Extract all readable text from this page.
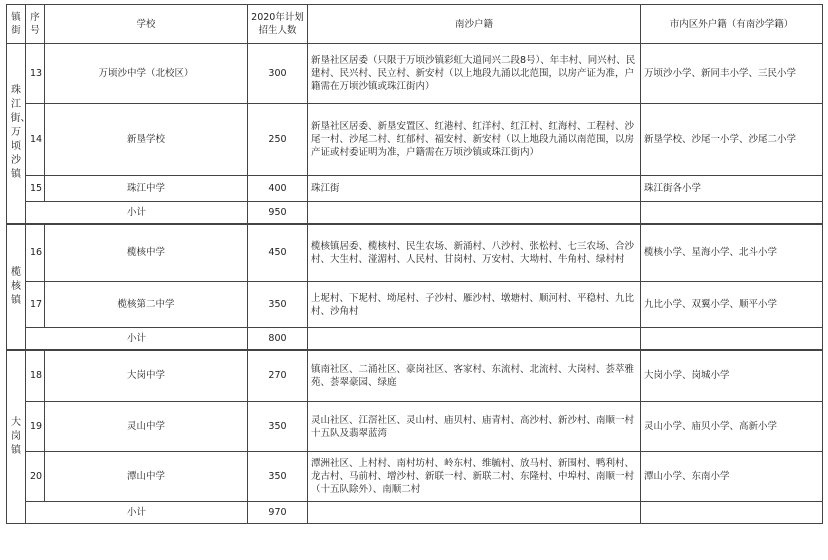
镇街	序号	学校	2020年计划招生人数	南沙户籍	市内区外户籍（有南沙学籍）

珠江街、万顷沙镇	13	万顷沙中学（北校区）	300	新垦社区居委（只限于万顷沙镇彩虹大道同兴二段8号）、年丰村、同兴村、民建村、民兴村、民立村、新安村（以上地段九涌以北范围，以房产证为准，户籍需在万顷沙镇或珠江街内）	万顷沙小学、新同丰小学、三民小学
	14	新垦学校	250	新垦社区居委、新垦安置区、红港村、红洋村、红江村、红海村、工程村、沙尾一村、沙尾二村、红郁村、福安村、新安村（以上地段九涌以南范围，以房产证或村委证明为准，户籍需在万顷沙镇或珠江街内）	新垦学校、沙尾一小学、沙尾二小学
	15	珠江中学	400	珠江街	珠江街各小学
	小计		950		

榄核镇	16	榄核中学	450	榄核镇居委、榄核村、民生农场、新涌村、八沙村、张松村、七三农场、合沙村、大生村、湴湄村、人民村、甘岗村、万安村、大坳村、牛角村、绿村村	榄核小学、星海小学、北斗小学
	17	榄核第二中学	350	上坭村、下坭村、坳尾村、子沙村、雁沙村、墩塘村、顺河村、平稳村、九比村、沙角村	九比小学、双翼小学、顺平小学
	小计		800		

大岗镇	18	大岗中学	270	镇南社区、二涌社区、豪岗社区、客家村、东流村、北流村、大岗村、荟萃雅苑、荟翠豪园、绿庭	大岗小学、岗城小学
	19	灵山中学	350	灵山社区、江滘社区、灵山村、庙贝村、庙青村、高沙村、新沙村、南顺一村十五队及翡翠蓝湾	灵山小学、庙贝小学、高新小学
	20	潭山中学	350	潭洲社区、上村村、南村坊村、岭东村、维毓村、放马村、新围村、鸭利村、龙古村、马前村、增沙村、新联一村、新联二村、东隆村、中埠村、南顺一村（十五队除外）、南顺二村	潭山小学、东南小学
	小计		970		
